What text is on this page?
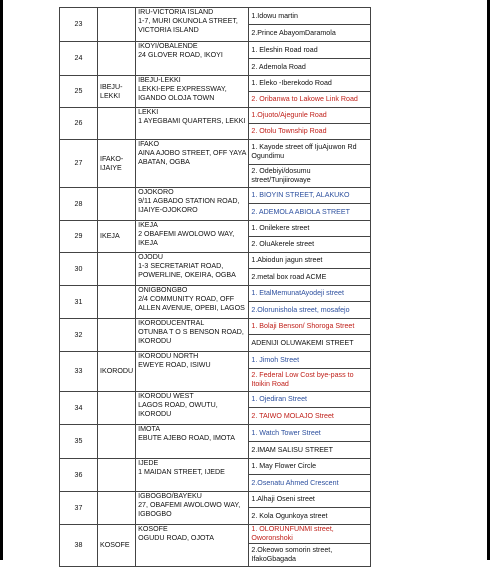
23		IRU-VICTORIA ISLAND
1-7, MURI OKUNOLA STREET,
VICTORIA ISLAND	1.Idowu martin
			2.Prince AbayomDaramola
24		IKOYI/OBALENDE
24 GLOVER ROAD, IKOYI	1. Eleshin Road road
			2. Ademola Road
25	IBEJU-LEKKI	IBEJU-LEKKI
LEKKI-EPE EXPRESSWAY,
IGANDO OLOJA TOWN	1. Eleko -Iberekodo Road
			2. Oribanwa to Lakowe Link Road
26		LEKKI
1 AYEGBAMI QUARTERS, LEKKI	1.Ojuoto/Ajegunle Road
			2. Otolu Township Road
27	IFAKO-IJAIYE	IFAKO
AINA AJOBO STREET, OFF YAYA
ABATAN, OGBA	1. Kayode street off IjuAjuwon Rd Ogundimu
			2. Odebiyi/dosumu street/Tunjiirowaye
28		OJOKORO
9/11 AGBADO STATION ROAD,
IJAIYE-OJOKORO	1. BIOYIN STREET, ALAKUKO
			2. ADEMOLA ABIOLA STREET
29	IKEJA	IKEJA
2 OBAFEMI AWOLOWO WAY,
IKEJA	1. Onilekere street
			2. OluAkerele street
30		OJODU
1-3 SECRETARIAT ROAD,
POWERLINE, OKEIRA, OGBA	1.Abiodun jagun street
			2.metal box road ACME
31		ONIGBONGBO
2/4 COMMUNITY ROAD, OFF
ALLEN AVENUE, OPEBI, LAGOS	1. EtalMemunatAyodeji street
			2.Olorunishola street, mosafejo
32		IKORODUCENTRAL
OTUNBA T O S BENSON ROAD,
IKORODU	1. Bolaji Benson/ Shoroga Street
			ADENIJI OLUWAKEMI STREET
33	IKORODU	IKORODU NORTH
EWEYE ROAD, ISIWU	1. Jimoh Street
			2. Federal Low Cost bye-pass to Itoikin Road
34		IKORODU WEST
LAGOS ROAD, OWUTU,
IKORODU	1. Ojediran Street
			2. TAIWO MOLAJO Street
35		IMOTA
EBUTE AJEBO ROAD, IMOTA	1. Watch Tower Street
			2.IMAM SALISU STREET
36		IJEDE
1 MAIDAN STREET, IJEDE	1. May Flower Circle
			2.Osenatu Ahmed Crescent
37		IGBOGBO/BAYEKU
27, OBAFEMI AWOLOWO WAY,
IGBOGBO	1.Alhaji Oseni street
			2. Kola Ogunkoya street
38	KOSOFE	KOSOFE
OGUDU ROAD, OJOTA	1. OLORUNFUNMI street, Oworonshoki
			2.Okeowo somorin street, IfakoGbagada
